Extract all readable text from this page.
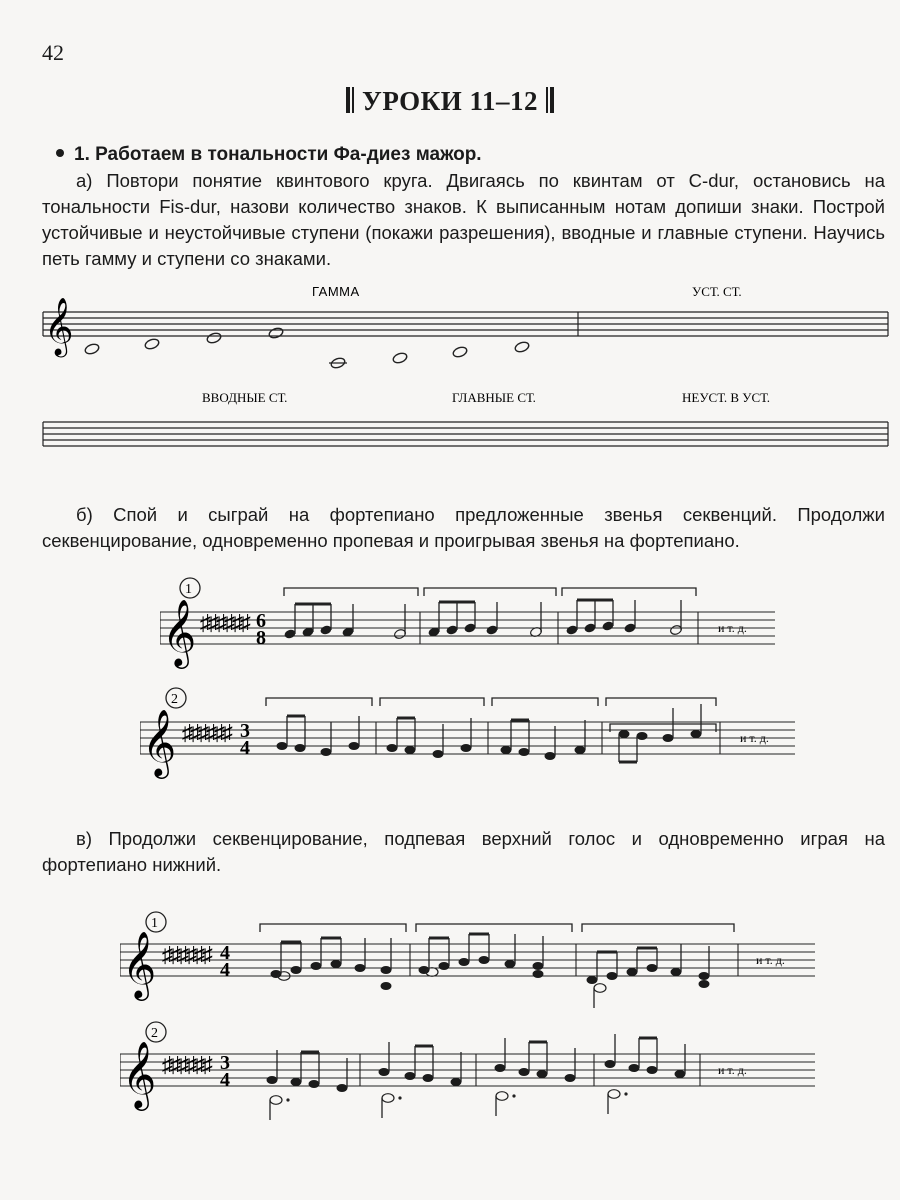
42
УРОКИ 11–12
1. Работаем в тональности Фа-диез мажор.
а) Повтори понятие квинтового круга. Двигаясь по квинтам от C-dur, остановись на тональности Fis-dur, назови количество знаков. К выписанным нотам допиши знаки. Построй устойчивые и неустойчивые ступени (покажи разрешения), вводные и главные ступени. Научись петь гамму и ступени со знаками.
ГАММА	УСТ. СТ.
𝄞
ВВОДНЫЕ СТ.	ГЛАВНЫЕ СТ.	НЕУСТ. В УСТ.
б) Спой и сыграй на фортепиано предложенные звенья секвенций. Продолжи секвенцирование, одновременно пропевая и проигрывая звенья на фортепиано.
1
𝄞 ♯♯♯♯♯♯ 6
8	и т. д.
2
𝄞 ♯♯♯♯♯♯ 3
4	и т. д.
в) Продолжи секвенцирование, подпевая верхний голос и одновременно играя на фортепиано нижний.
1
𝄞 ♯♯♯♯♯♯ 4
4	и т. д.
2
𝄞 ♯♯♯♯♯♯ 3
4	и т. д.
